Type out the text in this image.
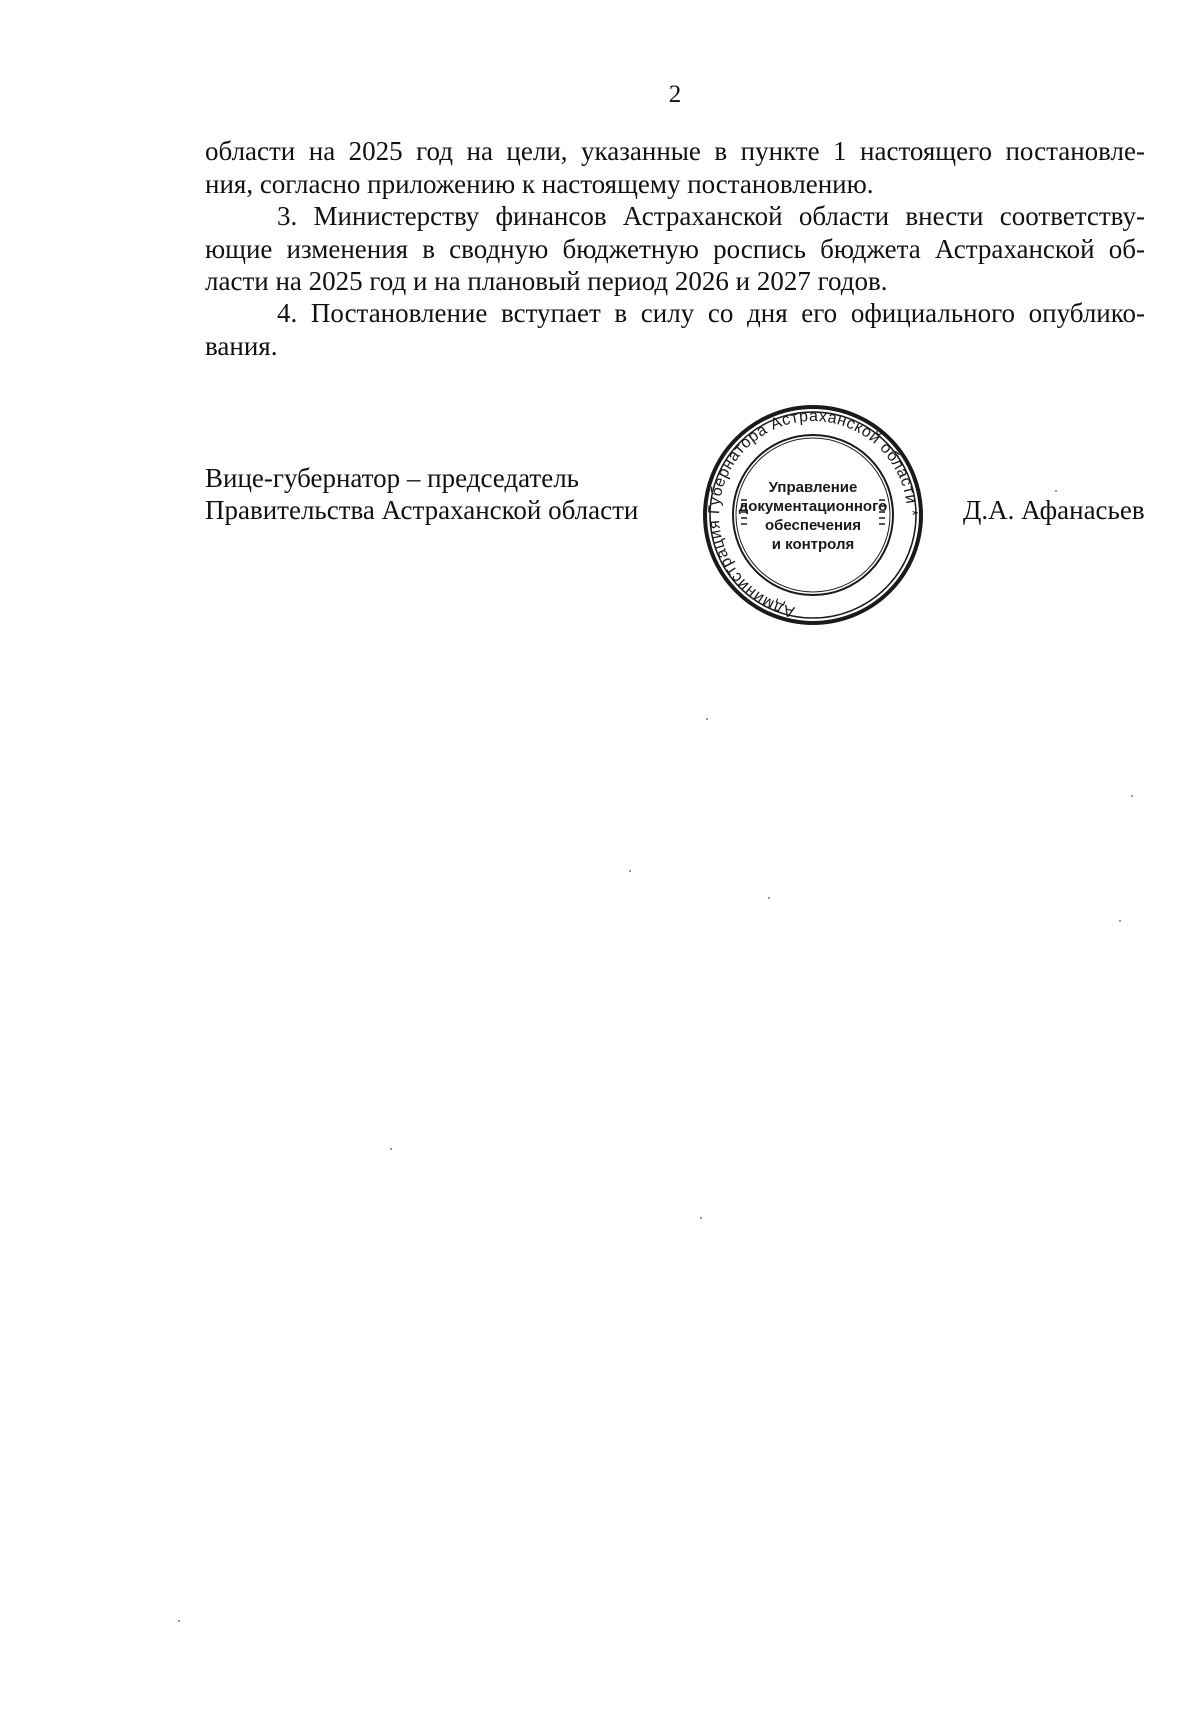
2

области на 2025 год на цели, указанные в пункте 1 настоящего постановле-
ния, согласно приложению к настоящему постановлению.

3. Министерству финансов Астраханской области внести соответству-
ющие изменения в сводную бюджетную роспись бюджета Астраханской об-
ласти на 2025 год и на плановый период 2026 и 2027 годов.

4. Постановление вступает в силу со дня его официального опублико-
вания.

Вице-губернатор – председатель
Правительства Астраханской области
Администрация Губернатора Астраханской области *
Управление
документационного
обеспечения
и контроля
Д.А. Афанасьев
